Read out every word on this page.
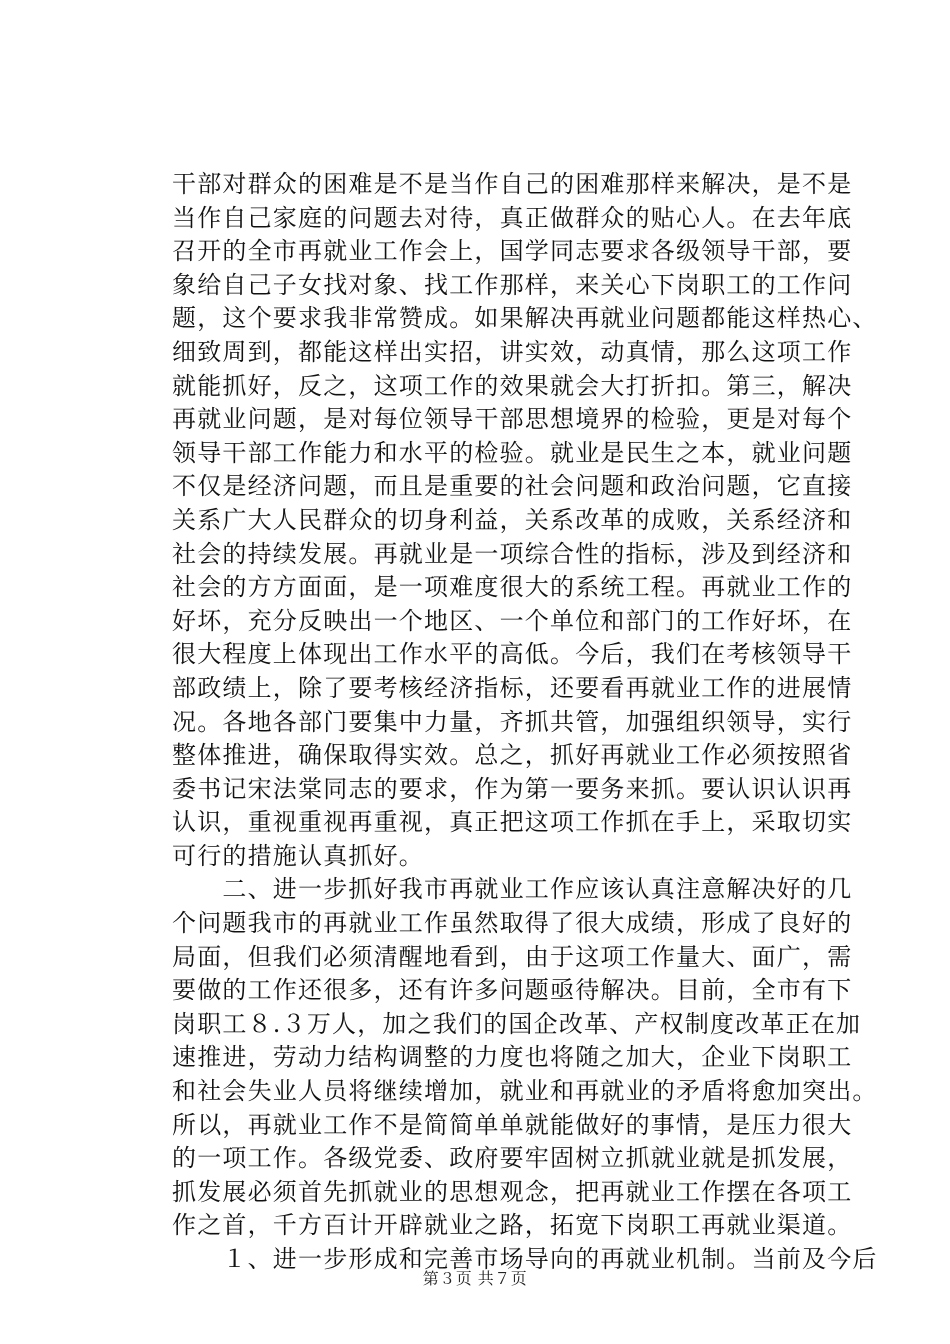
干部对群众的困难是不是当作自己的困难那样来解决，是不是
当作自己家庭的问题去对待，真正做群众的贴心人。在去年底
召开的全市再就业工作会上，国学同志要求各级领导干部，要
象给自己子女找对象、找工作那样，来关心下岗职工的工作问
题，这个要求我非常赞成。如果解决再就业问题都能这样热心、
细致周到，都能这样出实招，讲实效，动真情，那么这项工作
就能抓好，反之，这项工作的效果就会大打折扣。第三，解决
再就业问题，是对每位领导干部思想境界的检验，更是对每个
领导干部工作能力和水平的检验。就业是民生之本，就业问题
不仅是经济问题，而且是重要的社会问题和政治问题，它直接
关系广大人民群众的切身利益，关系改革的成败，关系经济和
社会的持续发展。再就业是一项综合性的指标，涉及到经济和
社会的方方面面，是一项难度很大的系统工程。再就业工作的
好坏，充分反映出一个地区、一个单位和部门的工作好坏，在
很大程度上体现出工作水平的高低。今后，我们在考核领导干
部政绩上，除了要考核经济指标，还要看再就业工作的进展情
况。各地各部门要集中力量，齐抓共管，加强组织领导，实行
整体推进，确保取得实效。总之，抓好再就业工作必须按照省
委书记宋法棠同志的要求，作为第一要务来抓。要认识认识再
认识，重视重视再重视，真正把这项工作抓在手上，采取切实
可行的措施认真抓好。
　　二、进一步抓好我市再就业工作应该认真注意解决好的几
个问题我市的再就业工作虽然取得了很大成绩，形成了良好的
局面，但我们必须清醒地看到，由于这项工作量大、面广，需
要做的工作还很多，还有许多问题亟待解决。目前，全市有下
岗职工８.３万人，加之我们的国企改革、产权制度改革正在加
速推进，劳动力结构调整的力度也将随之加大，企业下岗职工
和社会失业人员将继续增加，就业和再就业的矛盾将愈加突出。
所以，再就业工作不是简简单单就能做好的事情，是压力很大
的一项工作。各级党委、政府要牢固树立抓就业就是抓发展，
抓发展必须首先抓就业的思想观念，把再就业工作摆在各项工
作之首，千方百计开辟就业之路，拓宽下岗职工再就业渠道。
　　１、进一步形成和完善市场导向的再就业机制。当前及今后
第３页 共７页
